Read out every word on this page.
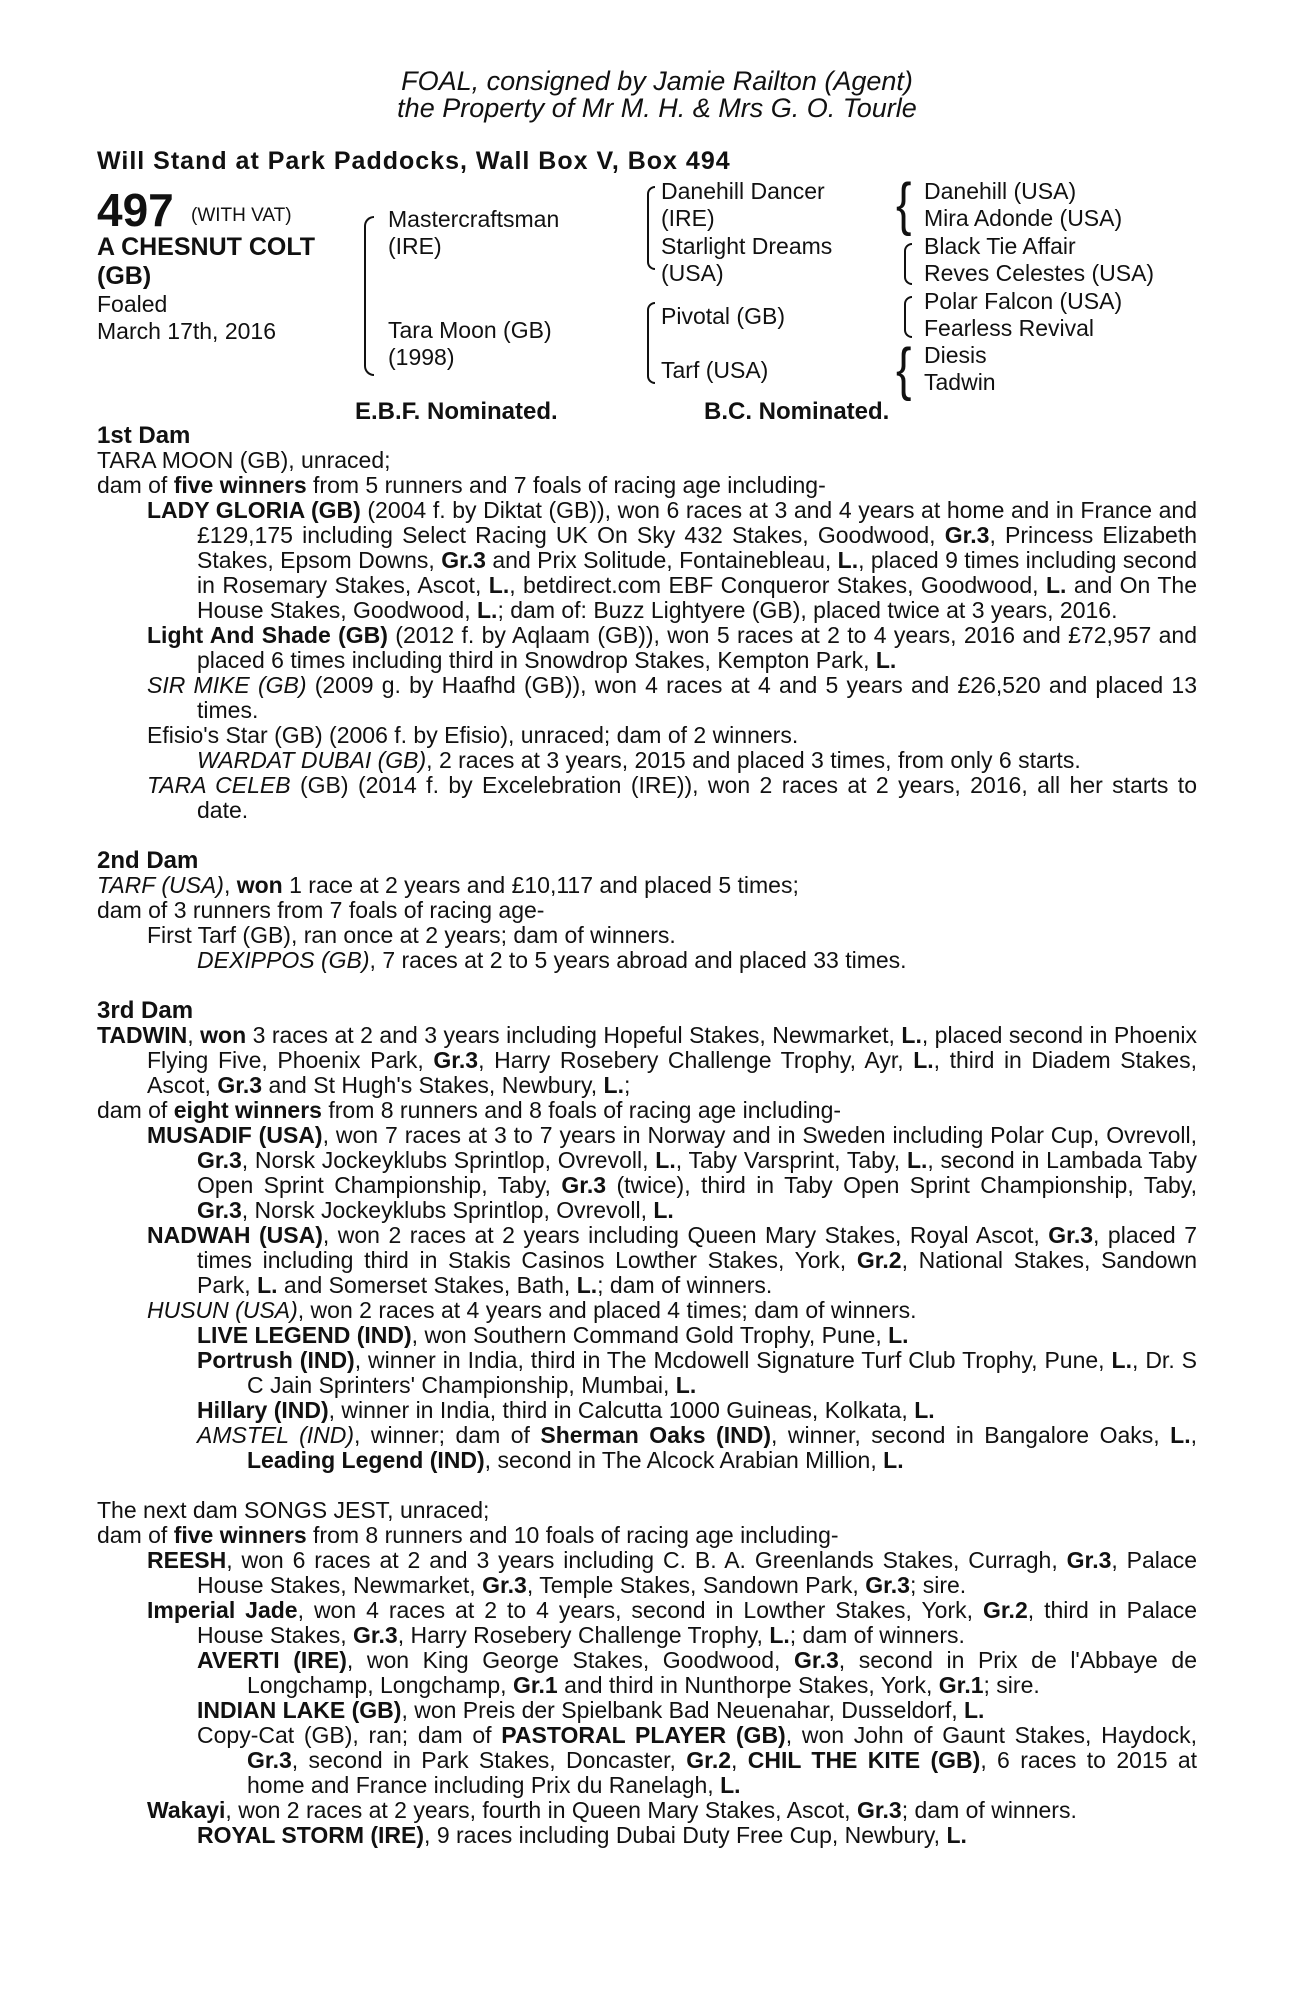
FOAL, consigned by Jamie Railton (Agent)
the Property of Mr M. H. & Mrs G. O. Tourle
Will Stand at Park Paddocks, Wall Box V, Box 494
497 (WITH VAT)
A CHESNUT COLT
(GB)
Foaled
March 17th, 2016
Mastercraftsman
(IRE)
Tara Moon (GB)
(1998)
Danehill Dancer
(IRE)
Starlight Dreams
(USA)
Pivotal (GB)
Tarf (USA)
{ Danehill (USA)
Mira Adonde (USA)
Black Tie Affair
Reves Celestes (USA)
Polar Falcon (USA)
Fearless Revival
{ Diesis
Tadwin
E.B.F. Nominated.	B.C. Nominated.
1st Dam

TARA MOON (GB), unraced;

dam of five winners from 5 runners and 7 foals of racing age including-

LADY GLORIA (GB) (2004 f. by Diktat (GB)), won 6 races at 3 and 4 years at home and in France and £129,175 including Select Racing UK On Sky 432 Stakes, Goodwood, Gr.3, Princess Elizabeth Stakes, Epsom Downs, Gr.3 and Prix Solitude, Fontainebleau, L., placed 9 times including second in Rosemary Stakes, Ascot, L., betdirect.com EBF Conqueror Stakes, Goodwood, L. and On The House Stakes, Goodwood, L.; dam of: Buzz Lightyere (GB), placed twice at 3 years, 2016.

Light And Shade (GB) (2012 f. by Aqlaam (GB)), won 5 races at 2 to 4 years, 2016 and £72,957 and placed 6 times including third in Snowdrop Stakes, Kempton Park, L.

SIR MIKE (GB) (2009 g. by Haafhd (GB)), won 4 races at 4 and 5 years and £26,520 and placed 13 times.

Efisio's Star (GB) (2006 f. by Efisio), unraced; dam of 2 winners.

WARDAT DUBAI (GB), 2 races at 3 years, 2015 and placed 3 times, from only 6 starts.

TARA CELEB (GB) (2014 f. by Excelebration (IRE)), won 2 races at 2 years, 2016, all her starts to date.

2nd Dam

TARF (USA), won 1 race at 2 years and £10,117 and placed 5 times;

dam of 3 runners from 7 foals of racing age-

First Tarf (GB), ran once at 2 years; dam of winners.

DEXIPPOS (GB), 7 races at 2 to 5 years abroad and placed 33 times.

3rd Dam

TADWIN, won 3 races at 2 and 3 years including Hopeful Stakes, Newmarket, L., placed second in Phoenix Flying Five, Phoenix Park, Gr.3, Harry Rosebery Challenge Trophy, Ayr, L., third in Diadem Stakes, Ascot, Gr.3 and St Hugh's Stakes, Newbury, L.;

dam of eight winners from 8 runners and 8 foals of racing age including-

MUSADIF (USA), won 7 races at 3 to 7 years in Norway and in Sweden including Polar Cup, Ovrevoll, Gr.3, Norsk Jockeyklubs Sprintlop, Ovrevoll, L., Taby Varsprint, Taby, L., second in Lambada Taby Open Sprint Championship, Taby, Gr.3 (twice), third in Taby Open Sprint Championship, Taby, Gr.3, Norsk Jockeyklubs Sprintlop, Ovrevoll, L.

NADWAH (USA), won 2 races at 2 years including Queen Mary Stakes, Royal Ascot, Gr.3, placed 7 times including third in Stakis Casinos Lowther Stakes, York, Gr.2, National Stakes, Sandown Park, L. and Somerset Stakes, Bath, L.; dam of winners.

HUSUN (USA), won 2 races at 4 years and placed 4 times; dam of winners.

LIVE LEGEND (IND), won Southern Command Gold Trophy, Pune, L.

Portrush (IND), winner in India, third in The Mcdowell Signature Turf Club Trophy, Pune, L., Dr. S C Jain Sprinters' Championship, Mumbai, L.

Hillary (IND), winner in India, third in Calcutta 1000 Guineas, Kolkata, L.

AMSTEL (IND), winner; dam of Sherman Oaks (IND), winner, second in Bangalore Oaks, L., Leading Legend (IND), second in The Alcock Arabian Million, L.

The next dam SONGS JEST, unraced;

dam of five winners from 8 runners and 10 foals of racing age including-

REESH, won 6 races at 2 and 3 years including C. B. A. Greenlands Stakes, Curragh, Gr.3, Palace House Stakes, Newmarket, Gr.3, Temple Stakes, Sandown Park, Gr.3; sire.

Imperial Jade, won 4 races at 2 to 4 years, second in Lowther Stakes, York, Gr.2, third in Palace House Stakes, Gr.3, Harry Rosebery Challenge Trophy, L.; dam of winners.

AVERTI (IRE), won King George Stakes, Goodwood, Gr.3, second in Prix de l'Abbaye de Longchamp, Longchamp, Gr.1 and third in Nunthorpe Stakes, York, Gr.1; sire.

INDIAN LAKE (GB), won Preis der Spielbank Bad Neuenahar, Dusseldorf, L.

Copy-Cat (GB), ran; dam of PASTORAL PLAYER (GB), won John of Gaunt Stakes, Haydock, Gr.3, second in Park Stakes, Doncaster, Gr.2, CHIL THE KITE (GB), 6 races to 2015 at home and France including Prix du Ranelagh, L.

Wakayi, won 2 races at 2 years, fourth in Queen Mary Stakes, Ascot, Gr.3; dam of winners.

ROYAL STORM (IRE), 9 races including Dubai Duty Free Cup, Newbury, L.
